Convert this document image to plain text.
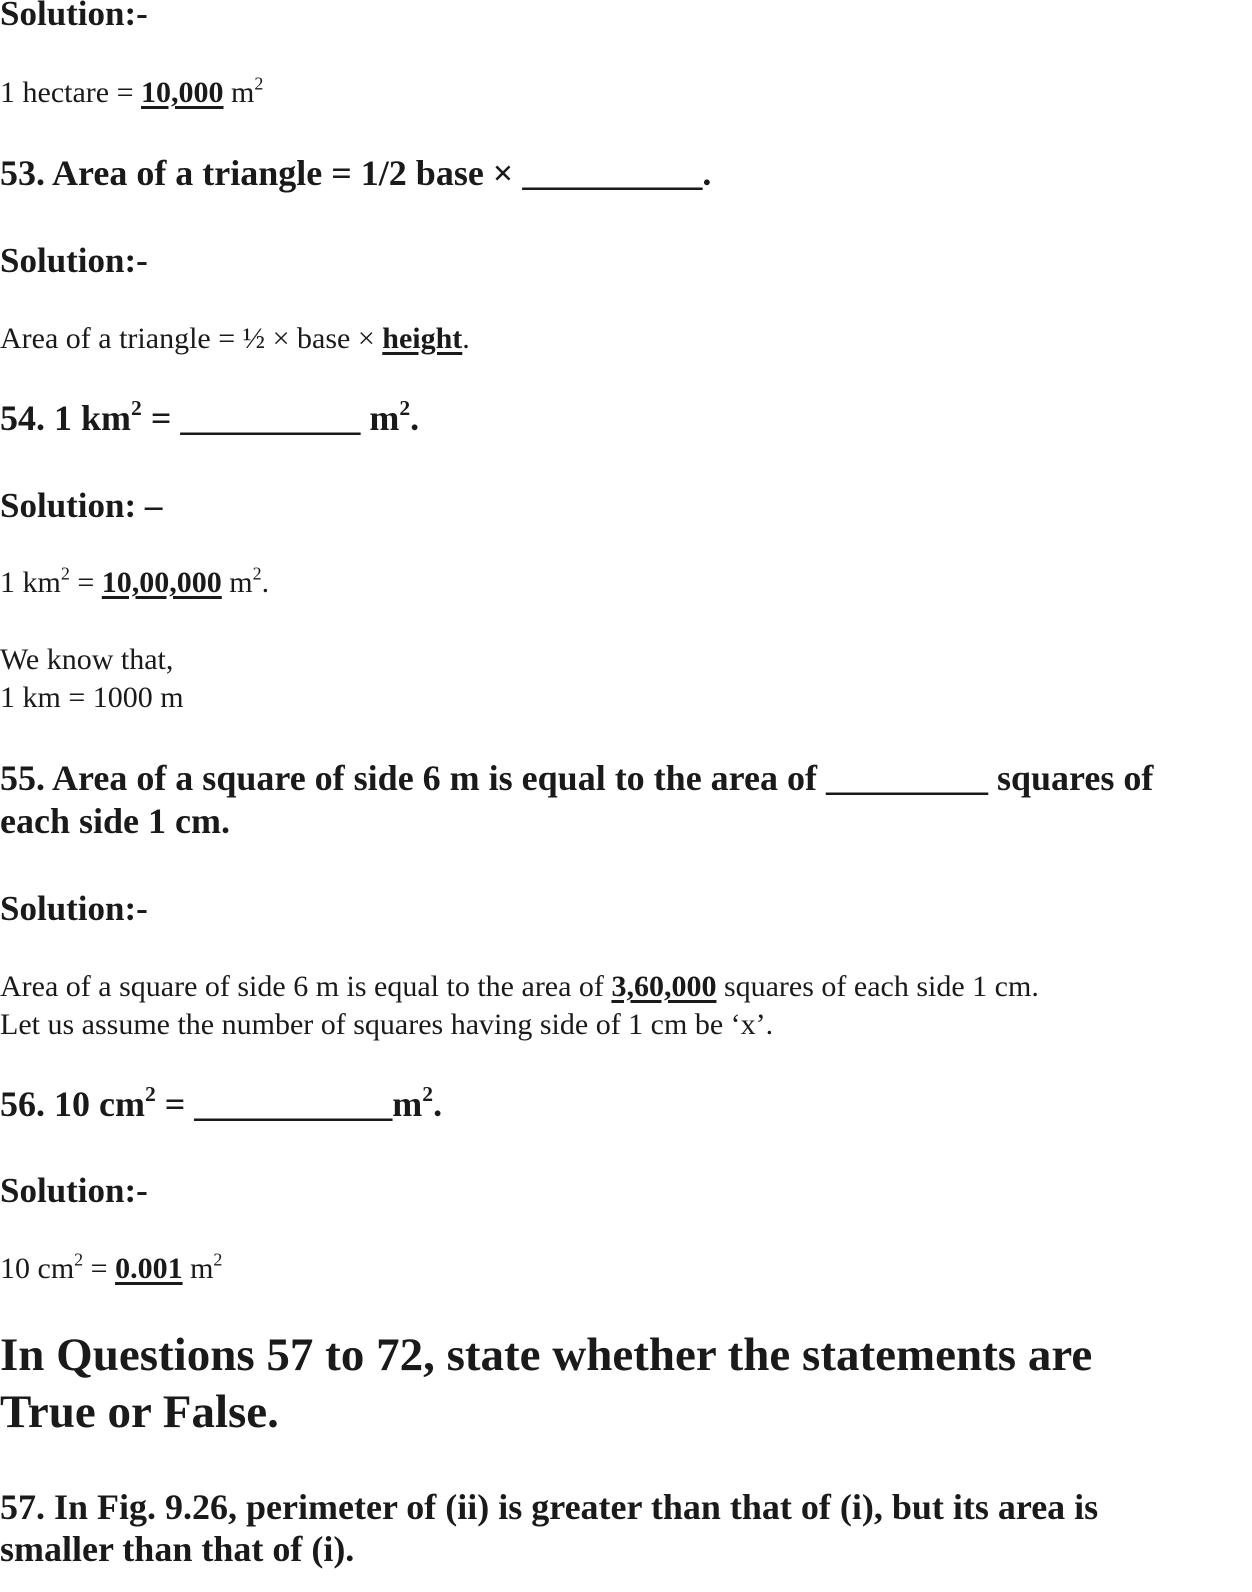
Solution:-
1 hectare = 10,000 $m^2$
53. Area of a triangle = 1/2 base × __________.
Solution:-
Area of a triangle = ½ × base × height.
54. 1 $km^2$ = __________ $m^2$.
Solution: –
1 $km^2 = 10,00,000$ $m^2$.
We know that,
1 km = 1000 m
55. Area of a square of side 6 m is equal to the area of _________ squares of
each side 1 cm.
Solution:-
Area of a square of side 6 m is equal to the area of 3,60,000 squares of each side 1 cm.
Let us assume the number of squares having side of 1 cm be ‘x’.
56. 10 $cm^2$ = $\_\_\_\_\_\_\_\_\_\_\_m^2$.
Solution:-
10 $cm^2 = 0.001$ $m^2$
In Questions 57 to 72, state whether the statements are
True or False.
57. In Fig. 9.26, perimeter of (ii) is greater than that of (i), but its area is
smaller than that of (i).
